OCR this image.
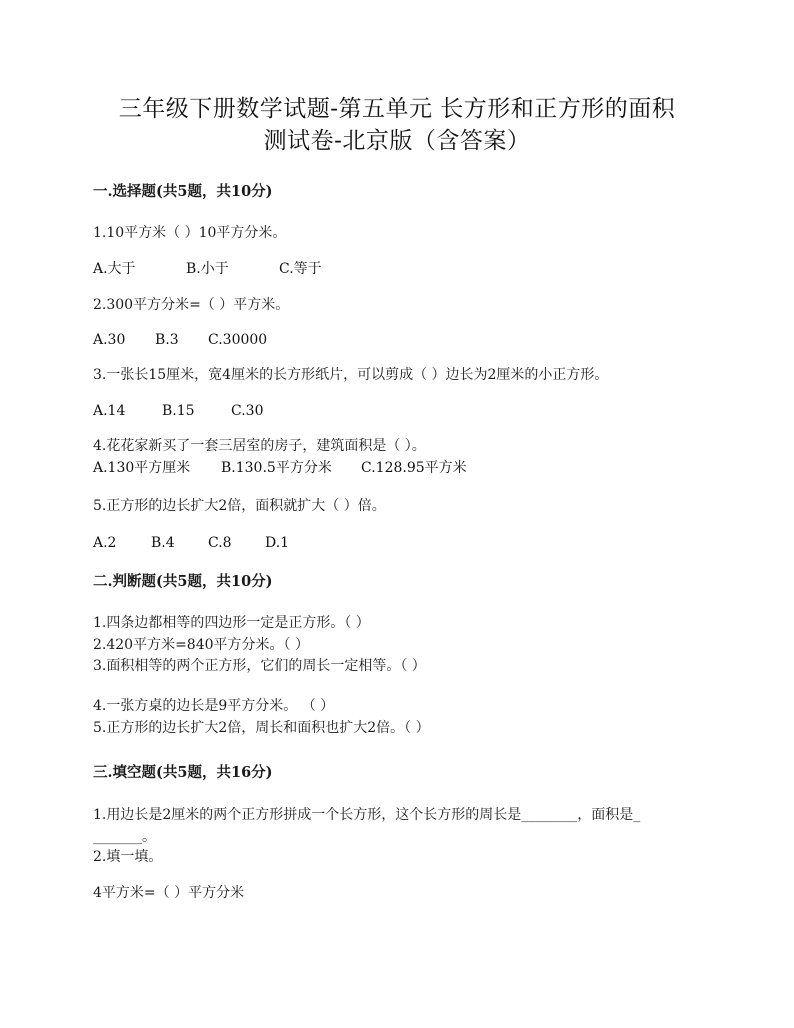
三年级下册数学试题-第五单元 长方形和正方形的面积
测试卷-北京版（含答案）
一.选择题(共5题，共10分)
1.10平方米（ ）10平方分米。
A.大于	B.小于	C.等于
2.300平方分米=（ ）平方米。
A.30 B.3 C.30000
3.一张长15厘米，宽4厘米的长方形纸片，可以剪成（ ）边长为2厘米的小正方形。
A.14	B.15	C.30
4.花花家新买了一套三居室的房子，建筑面积是（ ）。
A.130平方厘米 B.130.5平方分米 C.128.95平方米
5.正方形的边长扩大2倍，面积就扩大（ ）倍。
A.2 B.4 C.8 D.1
二.判断题(共5题，共10分)
1.四条边都相等的四边形一定是正方形。（ ）
2.420平方米=840平方分米。（ ）
3.面积相等的两个正方形，它们的周长一定相等。（ ）
4.一张方桌的边长是9平方分米。 （ ）
5.正方形的边长扩大2倍，周长和面积也扩大2倍。（ ）
三.填空题(共5题，共16分)
1.用边长是2厘米的两个正方形拼成一个长方形，这个长方形的周长是________，面积是_
_______。
2.填一填。
4平方米=（ ）平方分米
